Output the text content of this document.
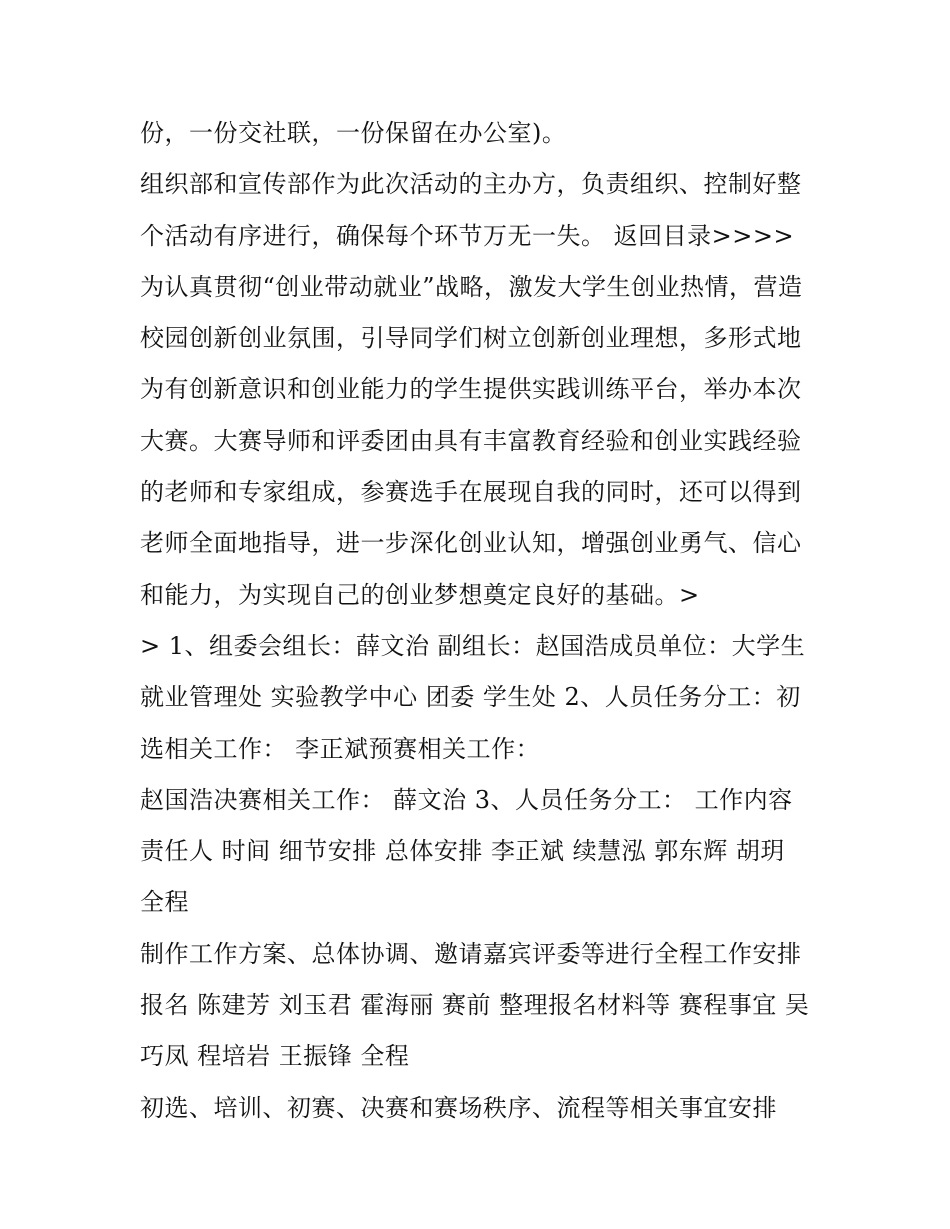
份，一份交社联，一份保留在办公室)。
组织部和宣传部作为此次活动的主办方，负责组织、控制好整
个活动有序进行，确保每个环节万无一失。 返回目录>>>>
为认真贯彻“创业带动就业”战略，激发大学生创业热情，营造
校园创新创业氛围，引导同学们树立创新创业理想，多形式地
为有创新意识和创业能力的学生提供实践训练平台，举办本次
大赛。大赛导师和评委团由具有丰富教育经验和创业实践经验
的老师和专家组成，参赛选手在展现自我的同时，还可以得到
老师全面地指导，进一步深化创业认知，增强创业勇气、信心
和能力，为实现自己的创业梦想奠定良好的基础。>
> 1、组委会组长：薛文治 副组长：赵国浩成员单位：大学生
就业管理处 实验教学中心 团委 学生处 2、人员任务分工：初
选相关工作： 李正斌预赛相关工作：
赵国浩决赛相关工作： 薛文治 3、人员任务分工： 工作内容
责任人 时间 细节安排 总体安排 李正斌 续慧泓 郭东辉 胡玥
全程
制作工作方案、总体协调、邀请嘉宾评委等进行全程工作安排
报名 陈建芳 刘玉君 霍海丽 赛前 整理报名材料等 赛程事宜 吴
巧凤 程培岩 王振锋 全程
初选、培训、初赛、决赛和赛场秩序、流程等相关事宜安排
